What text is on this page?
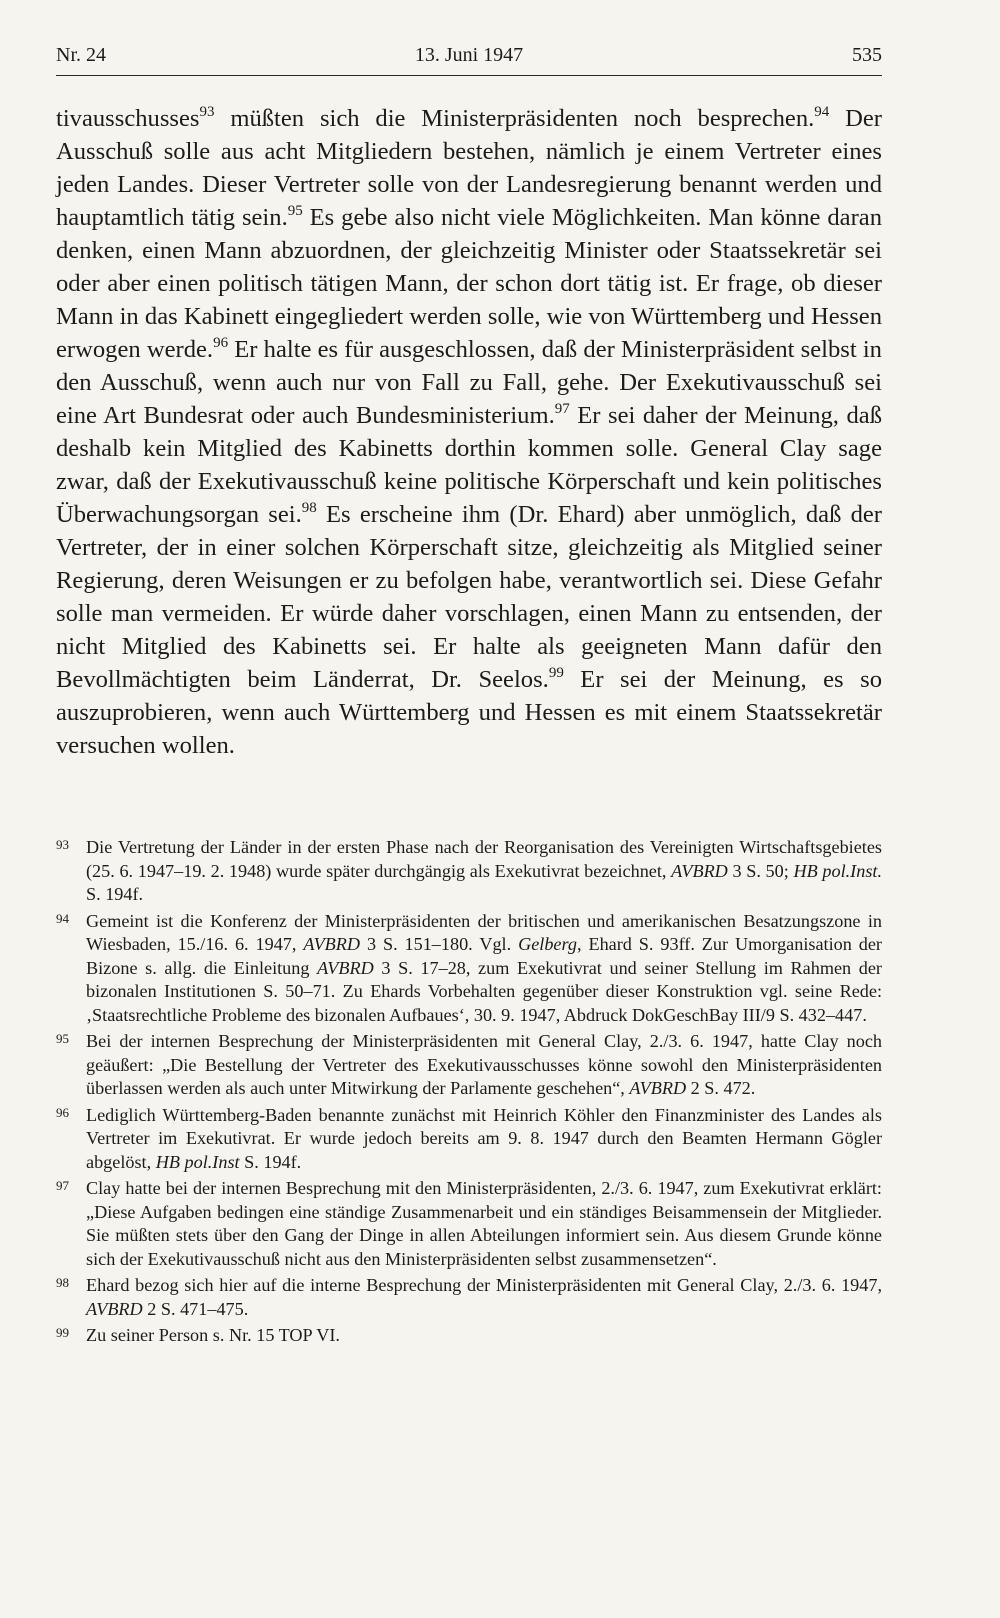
Nr. 24	13. Juni 1947	535

tivausschusses$^{93}$ müßten sich die Ministerpräsidenten noch besprechen.$^{94}$ Der Ausschuß solle aus acht Mitgliedern bestehen, nämlich je einem Vertreter eines jeden Landes. Dieser Vertreter solle von der Landesregierung benannt werden und hauptamtlich tätig sein.$^{95}$ Es gebe also nicht viele Möglichkeiten. Man könne daran denken, einen Mann abzuordnen, der gleichzeitig Minister oder Staatssekretär sei oder aber einen politisch tätigen Mann, der schon dort tätig ist. Er frage, ob dieser Mann in das Kabinett eingegliedert werden solle, wie von Württemberg und Hessen erwogen werde.$^{96}$ Er halte es für ausgeschlossen, daß der Ministerpräsident selbst in den Ausschuß, wenn auch nur von Fall zu Fall, gehe. Der Exekutivausschuß sei eine Art Bundesrat oder auch Bundesministerium.$^{97}$ Er sei daher der Meinung, daß deshalb kein Mitglied des Kabinetts dorthin kommen solle. General Clay sage zwar, daß der Exekutivausschuß keine politische Körperschaft und kein politisches Überwachungsorgan sei.$^{98}$ Es erscheine ihm (Dr. Ehard) aber unmöglich, daß der Vertreter, der in einer solchen Körperschaft sitze, gleichzeitig als Mitglied seiner Regierung, deren Weisungen er zu befolgen habe, verantwortlich sei. Diese Gefahr solle man vermeiden. Er würde daher vorschlagen, einen Mann zu entsenden, der nicht Mitglied des Kabinetts sei. Er halte als geeigneten Mann dafür den Bevollmächtigten beim Länderrat, Dr. Seelos.$^{99}$ Er sei der Meinung, es so auszuprobieren, wenn auch Württemberg und Hessen es mit einem Staatssekretär versuchen wollen.

93 Die Vertretung der Länder in der ersten Phase nach der Reorganisation des Vereinigten Wirtschaftsgebietes (25. 6. 1947–19. 2. 1948) wurde später durchgängig als Exekutivrat bezeichnet, AVBRD 3 S. 50; HB pol.Inst. S. 194f.
94 Gemeint ist die Konferenz der Ministerpräsidenten der britischen und amerikanischen Besatzungszone in Wiesbaden, 15./16. 6. 1947, AVBRD 3 S. 151–180. Vgl. Gelberg, Ehard S. 93ff. Zur Umorganisation der Bizone s. allg. die Einleitung AVBRD 3 S. 17–28, zum Exekutivrat und seiner Stellung im Rahmen der bizonalen Institutionen S. 50–71. Zu Ehards Vorbehalten gegenüber dieser Konstruktion vgl. seine Rede: ‚Staatsrechtliche Probleme des bizonalen Aufbaues‘, 30. 9. 1947, Abdruck DokGeschBay III/9 S. 432–447.
95 Bei der internen Besprechung der Ministerpräsidenten mit General Clay, 2./3. 6. 1947, hatte Clay noch geäußert: „Die Bestellung der Vertreter des Exekutivausschusses könne sowohl den Ministerpräsidenten überlassen werden als auch unter Mitwirkung der Parlamente geschehen“, AVBRD 2 S. 472.
96 Lediglich Württemberg-Baden benannte zunächst mit Heinrich Köhler den Finanzminister des Landes als Vertreter im Exekutivrat. Er wurde jedoch bereits am 9. 8. 1947 durch den Beamten Hermann Gögler abgelöst, HB pol.Inst S. 194f.
97 Clay hatte bei der internen Besprechung mit den Ministerpräsidenten, 2./3. 6. 1947, zum Exekutivrat erklärt: „Diese Aufgaben bedingen eine ständige Zusammenarbeit und ein ständiges Beisammensein der Mitglieder. Sie müßten stets über den Gang der Dinge in allen Abteilungen informiert sein. Aus diesem Grunde könne sich der Exekutivausschuß nicht aus den Ministerpräsidenten selbst zusammensetzen“.
98 Ehard bezog sich hier auf die interne Besprechung der Ministerpräsidenten mit General Clay, 2./3. 6. 1947, AVBRD 2 S. 471–475.
99 Zu seiner Person s. Nr. 15 TOP VI.
